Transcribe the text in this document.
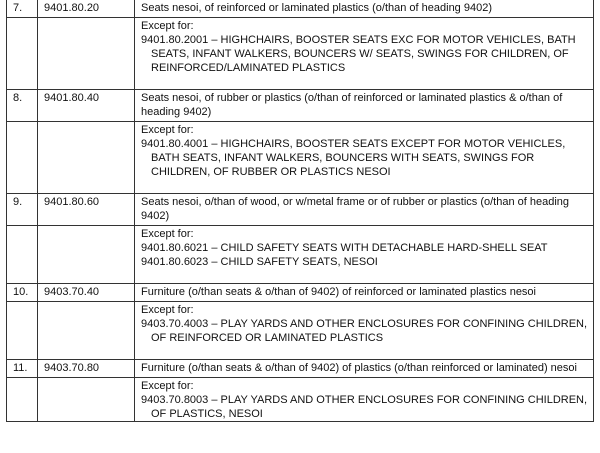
7.	9401.80.20	Seats nesoi, of reinforced or laminated plastics (o/than of heading 9402)

		Except for:
9401.80.2001 – HIGHCHAIRS, BOOSTER SEATS EXC FOR MOTOR VEHICLES, BATH SEATS, INFANT WALKERS, BOUNCERS W/ SEATS, SWINGS FOR CHILDREN, OF REINFORCED/LAMINATED PLASTICS

8.	9401.80.40	Seats nesoi, of rubber or plastics (o/than of reinforced or laminated plastics & o/than of heading 9402)

		Except for:
9401.80.4001 – HIGHCHAIRS, BOOSTER SEATS EXCEPT FOR MOTOR VEHICLES, BATH SEATS, INFANT WALKERS, BOUNCERS WITH SEATS, SWINGS FOR CHILDREN, OF RUBBER OR PLASTICS NESOI

9.	9401.80.60	Seats nesoi, o/than of wood, or w/metal frame or of rubber or plastics (o/than of heading 9402)

		Except for:
9401.80.6021 – CHILD SAFETY SEATS WITH DETACHABLE HARD-SHELL SEAT
9401.80.6023 – CHILD SAFETY SEATS, NESOI

10.	9403.70.40	Furniture (o/than seats & o/than of 9402) of reinforced or laminated plastics nesoi

		Except for:
9403.70.4003 – PLAY YARDS AND OTHER ENCLOSURES FOR CONFINING CHILDREN, OF REINFORCED OR LAMINATED PLASTICS

11.	9403.70.80	Furniture (o/than seats & o/than of 9402) of plastics (o/than reinforced or laminated) nesoi

		Except for:
9403.70.8003 – PLAY YARDS AND OTHER ENCLOSURES FOR CONFINING CHILDREN, OF PLASTICS, NESOI
